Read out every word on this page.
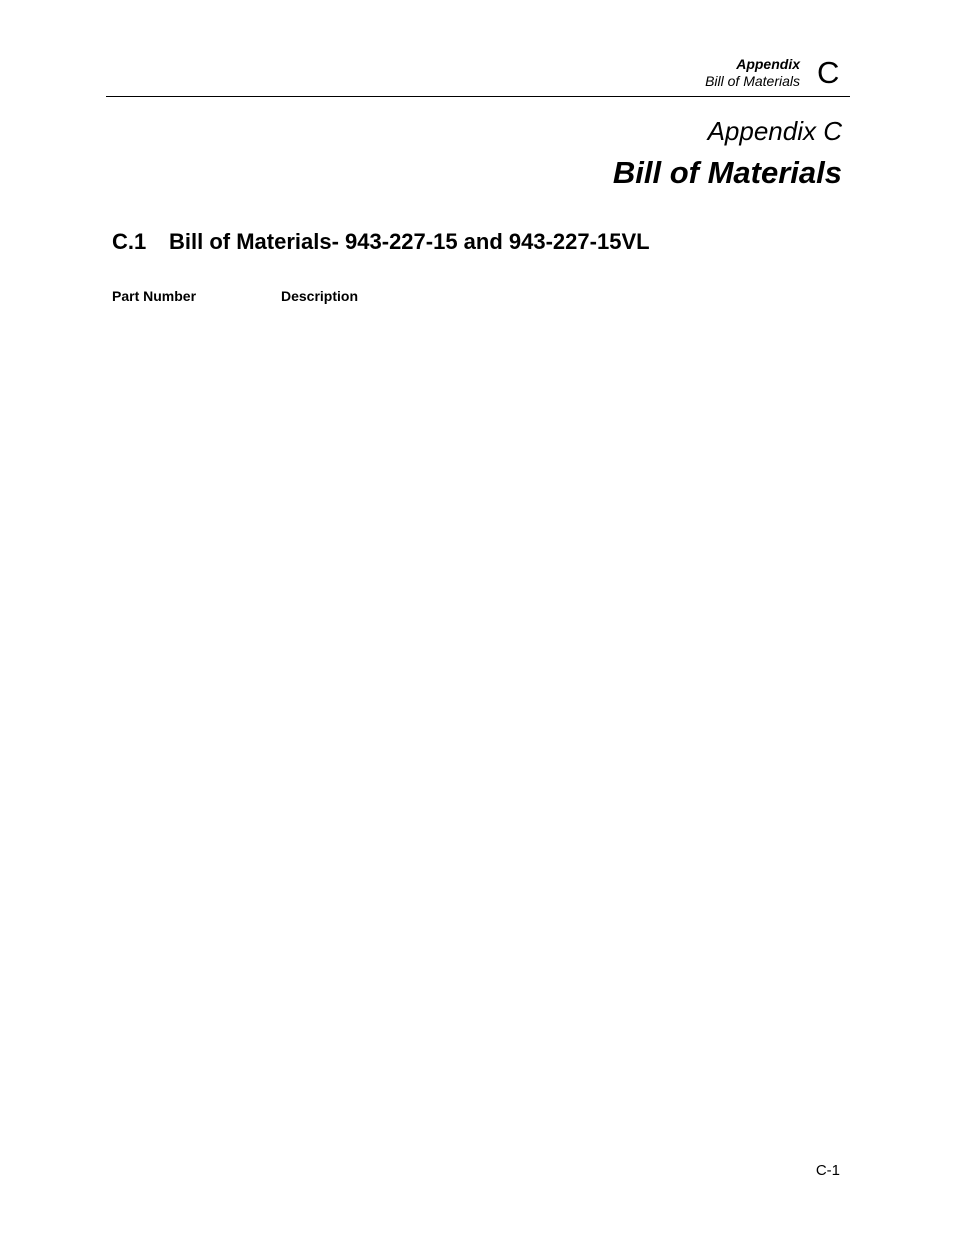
Appendix
Bill of Materials C
Appendix C
Bill of Materials
C.1 Bill of Materials- 943-227-15 and 943-227-15VL
Part Number	Description
C-1
